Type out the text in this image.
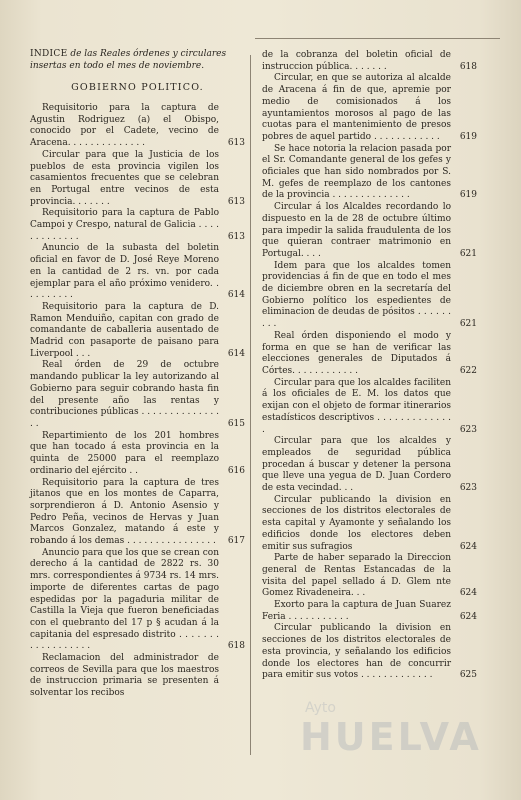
INDICE de las Reales órdenes y circulares insertas en todo el mes de noviembre.

GOBIERNO POLITICO.

Requisitorio para la captura de Agustin Rodriguez (a) el Obispo, conocido por el Cadete, vecino de Aracena. . . . . . . . . . . . . .	613

Circular para que la Justicia de los pueblos de esta provincia vigilen los casamientos frecuentes que se celebran en Portugal entre vecinos de esta provincia. . . . . . .	613

Requisitorio para la captura de Pablo Campoi y Crespo, natural de Galicia . . . . . . . . . . . . .	613

Anuncio de la subasta del boletin oficial en favor de D. José Reye Moreno en la cantidad de 2 rs. vn. por cada ejemplar para el año próximo venidero. . . . . . . . . .	614

Requisitorio para la captura de D. Ramon Menduiño, capitan con grado de comandante de caballeria ausentado de Madrid con pasaporte de paisano para Liverpool . . .	614

Real órden de 29 de octubre mandando publicar la ley autorizando al Gobierno para seguir cobrando hasta fin del presente año las rentas y contribuciones públicas . . . . . . . . . . . . . . . .	615

Repartimiento de los 201 hombres que han tocado á esta provincia en la quinta de 25000 para el reemplazo ordinario del ejército . .	616

Requisitorio para la captura de tres jitanos que en los montes de Caparra, sorprendieron á D. Antonio Asensio y Pedro Peña, vecinos de Hervas y Juan Marcos Gonzalez, matando á este y robando á los demas . . . . . . . . . . . . . . . .	617

Anuncio para que los que se crean con derecho á la cantidad de 2822 rs. 30 mrs. correspondientes á 9734 rs. 14 mrs. importe de diferentes cartas de pago espedidas por la pagaduria militar de Castilla la Vieja que fueron beneficiadas con el quebranto del 17 p § acudan á la capitania del espresado distrito . . . . . . . . . . . . . . . . . .	618

Reclamacion del administrador de correos de Sevilla para que los maestros de instruccion primaria se presenten á solventar los recibos

de la cobranza del boletin oficial de instruccion pública. . . . . . .	618

Circular, en que se autoriza al alcalde de Aracena á fin de que, apremie por medio de comisionados á los ayuntamientos morosos al pago de las cuotas para el mantenimiento de presos pobres de aquel partido . . . . . . . . . . . .	619

Se hace notoria la relacion pasada por el Sr. Comandante general de los gefes y oficiales que han sido nombrados por S. M. gefes de reemplazo de los cantones de la provincia . . . . . . . . . . . . . .	619

Circular á los Alcaldes recordando lo dispuesto en la de 28 de octubre último para impedir la salida fraudulenta de los que quieran contraer matrimonio en Portugal. . . .	621

Idem para que los alcaldes tomen providencias á fin de que en todo el mes de diciembre obren en la secretaría del Gobierno político los espedientes de eliminacion de deudas de pósitos . . . . . . . . .	621

Real órden disponiendo el modo y forma en que se han de verificar las elecciones generales de Diputados á Córtes. . . . . . . . . . . .	622

Circular para que los alcaldes faciliten á los oficiales de E. M. los datos que exijan con el objeto de formar itinerarios estadísticos descriptivos . . . . . . . . . . . . . .	623

Circular para que los alcaldes y empleados de seguridad pública procedan á buscar y detener la persona que lleve una yegua de D. Juan Cordero de esta vecindad. . .	623

Circular publicando la division en secciones de los distritos electorales de esta capital y Ayamonte y señalando los edificios donde los electores deben emitir sus sufragios	624

Parte de haber separado la Direccion general de Rentas Estancadas de la visita del papel sellado á D. Glem nte Gomez Rivadeneira. . .	624

Exorto para la captura de Juan Suarez Feria . . . . . . . . . . .	624

Circular publicando la division en secciones de los distritos electorales de esta provincia, y señalando los edificios donde los electores han de concurrir para emitir sus votos . . . . . . . . . . . . .	625

Ayto
HUELVA
